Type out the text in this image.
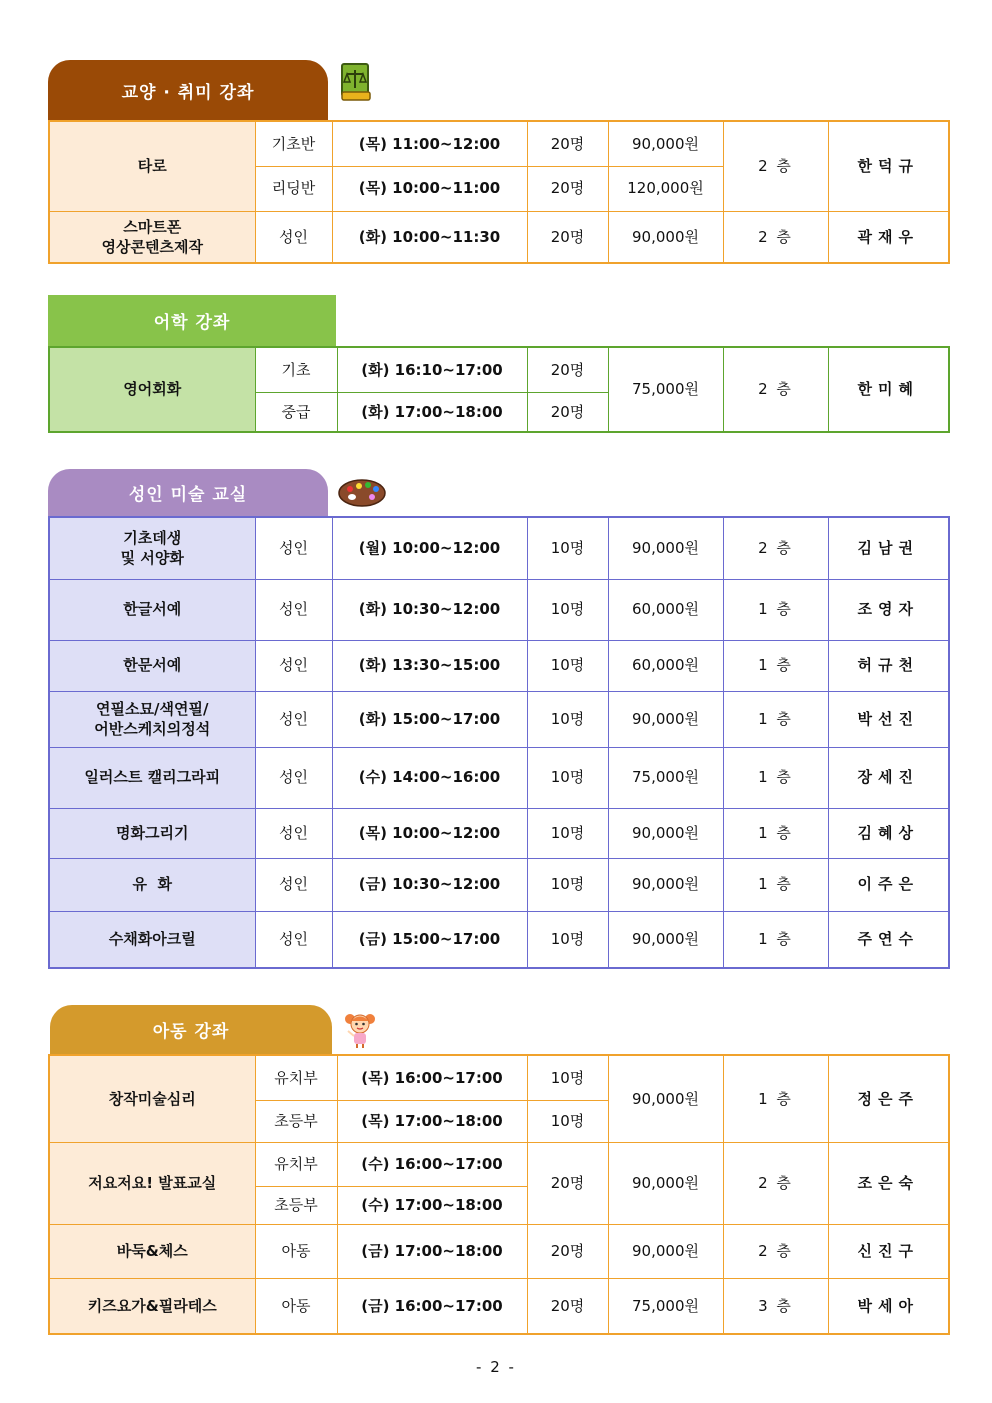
교양 · 취미 강좌
타로	기초반	(목) 11:00~12:00	20명	90,000원	2 층	한덕규
	리딩반	(목) 10:00~11:00	20명	120,000원		
스마트폰
영상콘텐츠제작	성인	(화) 10:00~11:30	20명	90,000원	2 층	곽재우
어학 강좌
영어회화	기초	(화) 16:10~17:00	20명	75,000원	2 층	한미혜
	중급	(화) 17:00~18:00	20명			
성인 미술 교실
기초데생
및 서양화	성인	(월) 10:00~12:00	10명	90,000원	2 층	김남권
한글서예	성인	(화) 10:30~12:00	10명	60,000원	1 층	조영자
한문서예	성인	(화) 13:30~15:00	10명	60,000원	1 층	허규천
연필소묘/색연필/
어반스케치의정석	성인	(화) 15:00~17:00	10명	90,000원	1 층	박선진
일러스트 캘리그라피	성인	(수) 14:00~16:00	10명	75,000원	1 층	장세진
명화그리기	성인	(목) 10:00~12:00	10명	90,000원	1 층	김혜상
유  화	성인	(금) 10:30~12:00	10명	90,000원	1 층	이주은
수채화아크릴	성인	(금) 15:00~17:00	10명	90,000원	1 층	주연수
아동 강좌
창작미술심리	유치부	(목) 16:00~17:00	10명	90,000원	1 층	정은주
	초등부	(목) 17:00~18:00	10명			
저요저요! 발표교실	유치부	(수) 16:00~17:00	20명	90,000원	2 층	조은숙
	초등부	(수) 17:00~18:00				
바둑&체스	아동	(금) 17:00~18:00	20명	90,000원	2 층	신진구
키즈요가&필라테스	아동	(금) 16:00~17:00	20명	75,000원	3 층	박세아
- 2 -
